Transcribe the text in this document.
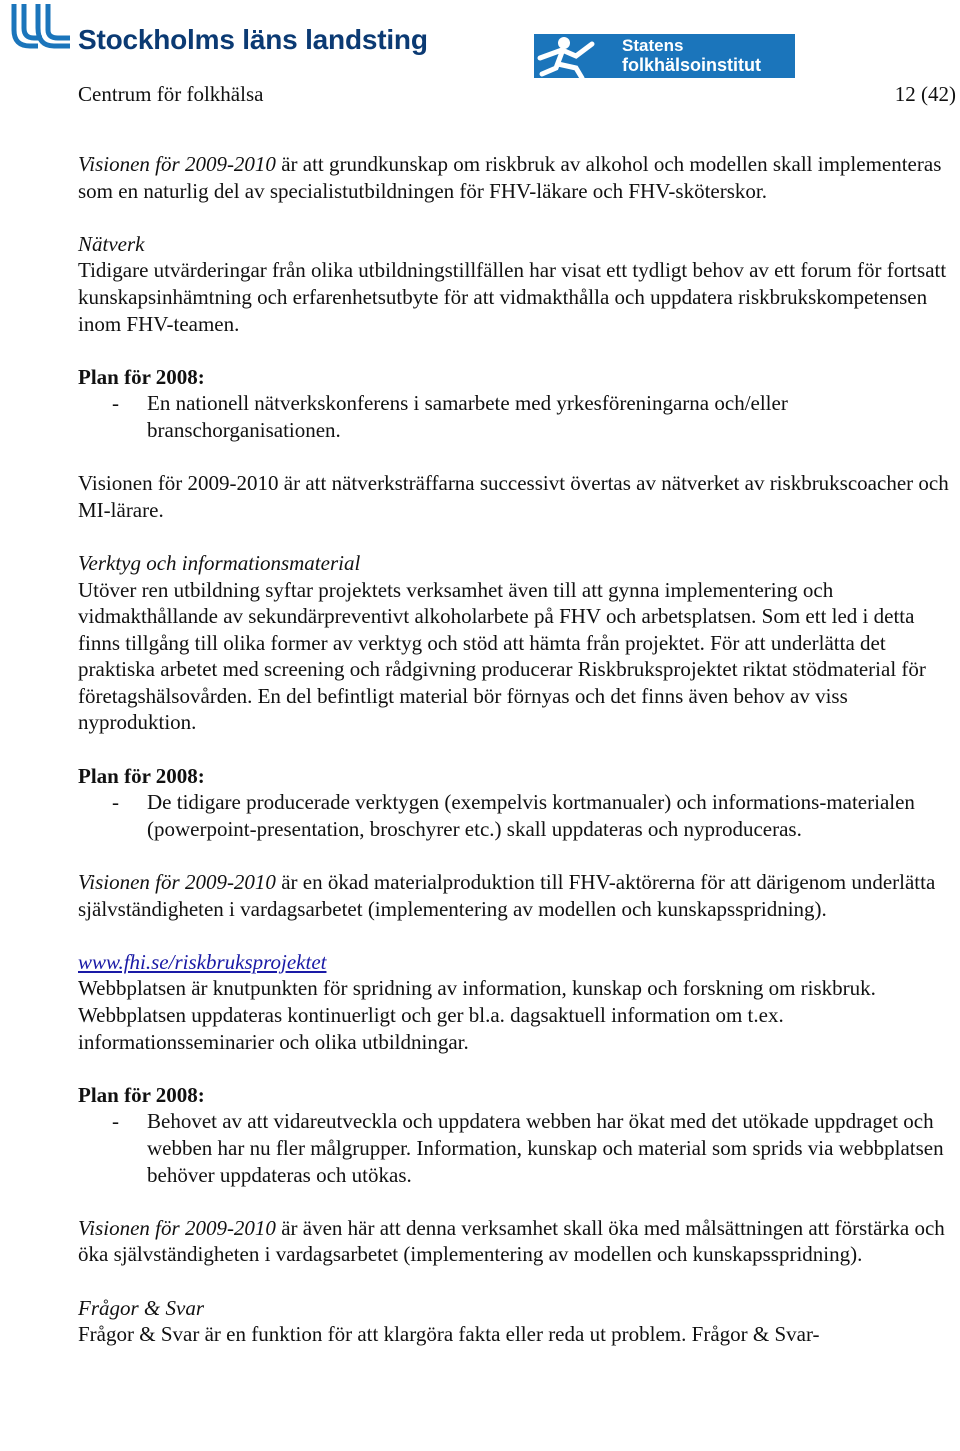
Stockholms läns landsting	Statens
folkhälsoinstitut
Centrum för folkhälsa	12 (42)

Visionen för 2009-2010 är att grundkunskap om riskbruk av alkohol och modellen skall implementeras som en naturlig del av specialistutbildningen för FHV-läkare och FHV-sköterskor.

Nätverk

Tidigare utvärderingar från olika utbildningstillfällen har visat ett tydligt behov av ett forum för fortsatt kunskapsinhämtning och erfarenhetsutbyte för att vidmakthålla och uppdatera riskbrukskompetensen inom FHV-teamen.

Plan för 2008:
- En nationell nätverkskonferens i samarbete med yrkesföreningarna och/eller branschorganisationen.

Visionen för 2009-2010 är att nätverksträffarna successivt övertas av nätverket av riskbrukscoacher och MI-lärare.

Verktyg och informationsmaterial

Utöver ren utbildning syftar projektets verksamhet även till att gynna implementering och vidmakthållande av sekundärpreventivt alkoholarbete på FHV och arbetsplatsen. Som ett led i detta finns tillgång till olika former av verktyg och stöd att hämta från projektet. För att underlätta det praktiska arbetet med screening och rådgivning producerar Riskbruksprojektet riktat stödmaterial för företagshälsovården. En del befintligt material bör förnyas och det finns även behov av viss nyproduktion.

Plan för 2008:
- De tidigare producerade verktygen (exempelvis kortmanualer) och informations-materialen (powerpoint-presentation, broschyrer etc.) skall uppdateras och nyproduceras.

Visionen för 2009-2010 är en ökad materialproduktion till FHV-aktörerna för att därigenom underlätta självständigheten i vardagsarbetet (implementering av modellen och kunskapsspridning).

www.fhi.se/riskbruksprojektet

Webbplatsen är knutpunkten för spridning av information, kunskap och forskning om riskbruk. Webbplatsen uppdateras kontinuerligt och ger bl.a. dagsaktuell information om t.ex. informationsseminarier och olika utbildningar.

Plan för 2008:
- Behovet av att vidareutveckla och uppdatera webben har ökat med det utökade uppdraget och webben har nu fler målgrupper. Information, kunskap och material som sprids via webbplatsen behöver uppdateras och utökas.

Visionen för 2009-2010 är även här att denna verksamhet skall öka med målsättningen att förstärka och öka självständigheten i vardagsarbetet (implementering av modellen och kunskapsspridning).

Frågor & Svar

Frågor & Svar är en funktion för att klargöra fakta eller reda ut problem. Frågor & Svar-
